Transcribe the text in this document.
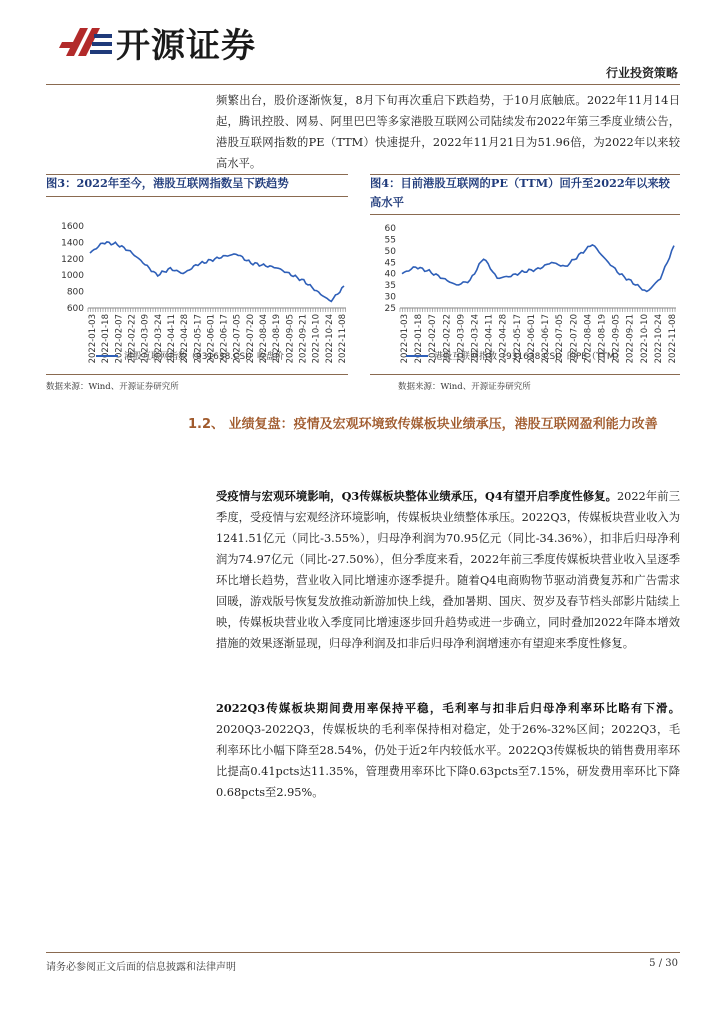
开源证券
行业投资策略
频繁出台，股价逐渐恢复，8月下旬再次重启下跌趋势，于10月底触底。2022年11月14日起，腾讯控股、网易、阿里巴巴等多家港股互联网公司陆续发布2022年第三季度业绩公告，港股互联网指数的PE（TTM）快速提升，2022年11月21日为51.96倍，为2022年以来较高水平。
图3：2022年至今，港股互联网指数呈下跌趋势
600
800
1000
1200
1400
1600
2022-01-03 2022-01-18 2022-02-07 2022-02-22 2022-03-09 2022-03-24 2022-04-11 2022-04-28 2022-05-17 2022-06-01 2022-06-17 2022-07-05 2022-07-20 2022-08-04 2022-08-19 2022-09-05 2022-09-21 2022-10-10 2022-10-24 2022-11-08
港股互联网指数（931638.CSI）收盘价
数据来源：Wind、开源证券研究所
图4：目前港股互联网的PE（TTM）回升至2022年以来较高水平
25
30
35
40
45
50
55
60
2022-01-03 2022-01-18 2022-02-07 2022-02-22 2022-03-09 2022-03-24 2022-04-11 2022-04-28 2022-05-17 2022-06-01 2022-06-17 2022-07-05 2022-07-20 2022-08-04 2022-08-19 2022-09-05 2022-09-21 2022-10-10 2022-10-24 2022-11-08
港股互联网指数（931638.CSI）的PE（TTM）
数据来源：Wind、开源证券研究所
1.2、 业绩复盘：疫情及宏观环境致传媒板块业绩承压，港股互联网盈利能力改善
受疫情与宏观环境影响，Q3传媒板块整体业绩承压，Q4有望开启季度性修复。2022年前三季度，受疫情与宏观经济环境影响，传媒板块业绩整体承压。2022Q3，传媒板块营业收入为1241.51亿元（同比-3.55%），归母净利润为70.95亿元（同比-34.36%），扣非后归母净利润为74.97亿元（同比-27.50%），但分季度来看，2022年前三季度传媒板块营业收入呈逐季环比增长趋势，营业收入同比增速亦逐季提升。随着Q4电商购物节驱动消费复苏和广告需求回暖，游戏版号恢复发放推动新游加快上线，叠加暑期、国庆、贺岁及春节档头部影片陆续上映，传媒板块营业收入季度同比增速逐步回升趋势或进一步确立，同时叠加2022年降本增效措施的效果逐渐显现，归母净利润及扣非后归母净利润增速亦有望迎来季度性修复。
2022Q3传媒板块期间费用率保持平稳，毛利率与扣非后归母净利率环比略有下滑。2020Q3-2022Q3，传媒板块的毛利率保持相对稳定，处于26%-32%区间；2022Q3，毛利率环比小幅下降至28.54%，仍处于近2年内较低水平。2022Q3传媒板块的销售费用率环比提高0.41pcts达11.35%，管理费用率环比下降0.63pcts至7.15%，研发费用率环比下降0.68pcts至2.95%。
请务必参阅正文后面的信息披露和法律声明	5 / 30
